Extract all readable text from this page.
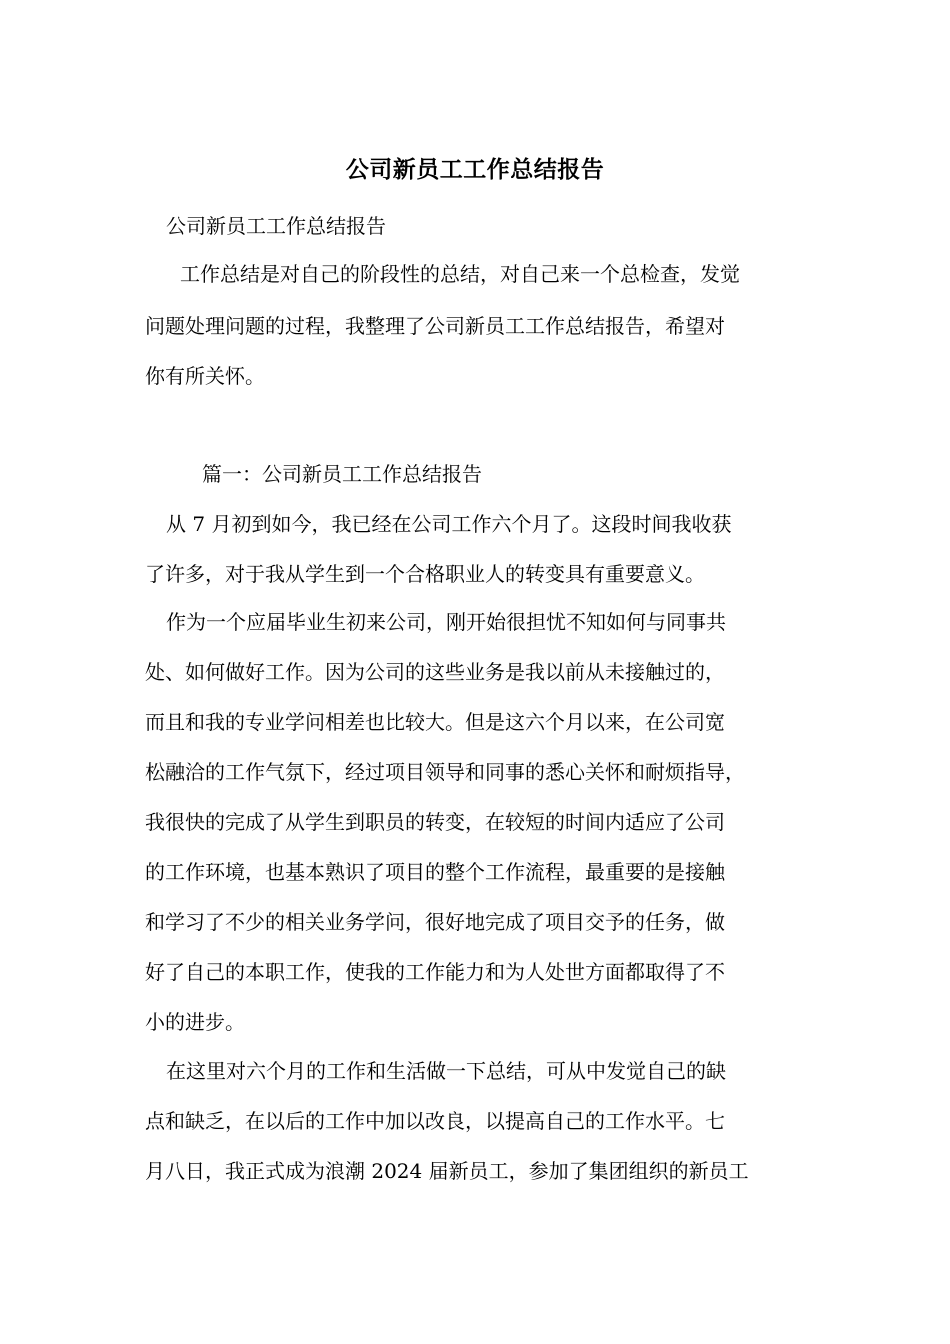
公司新员工工作总结报告
公司新员工工作总结报告
工作总结是对自己的阶段性的总结，对自己来一个总检查，发觉
问题处理问题的过程，我整理了公司新员工工作总结报告，希望对
你有所关怀。
篇一：公司新员工工作总结报告
从 7 月初到如今，我已经在公司工作六个月了。这段时间我收获
了许多，对于我从学生到一个合格职业人的转变具有重要意义。
作为一个应届毕业生初来公司，刚开始很担忧不知如何与同事共
处、如何做好工作。因为公司的这些业务是我以前从未接触过的，
而且和我的专业学问相差也比较大。但是这六个月以来，在公司宽
松融洽的工作气氛下，经过项目领导和同事的悉心关怀和耐烦指导，
我很快的完成了从学生到职员的转变，在较短的时间内适应了公司
的工作环境，也基本熟识了项目的整个工作流程，最重要的是接触
和学习了不少的相关业务学问，很好地完成了项目交予的任务，做
好了自己的本职工作，使我的工作能力和为人处世方面都取得了不
小的进步。
在这里对六个月的工作和生活做一下总结，可从中发觉自己的缺
点和缺乏，在以后的工作中加以改良，以提高自己的工作水平。七
月八日，我正式成为浪潮 2024 届新员工，参加了集团组织的新员工
